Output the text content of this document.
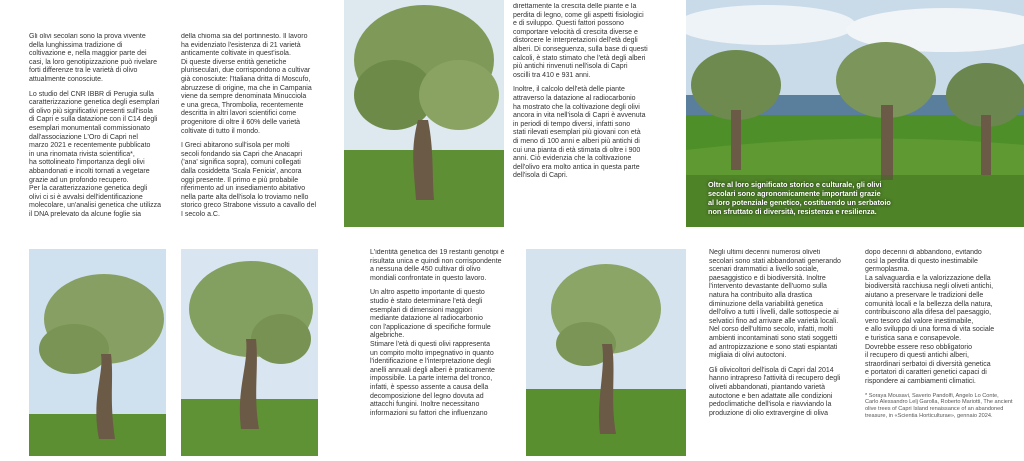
Gli olivi secolari sono la prova vivente
della lunghissima tradizione di
coltivazione e, nella maggior parte dei
casi, la loro genotipizzazione può rivelare
forti differenze tra le varietà di olivo
attualmente conosciute.

Lo studio del CNR IBBR di Perugia sulla
caratterizzazione genetica degli esemplari
di olivo più significativi presenti sull'isola
di Capri e sulla datazione con il C14 degli
esemplari monumentali commissionato
dall'associazione L'Oro di Capri nel
marzo 2021 e recentemente pubblicato
in una rinomata rivista scientifica*,
ha sottolineato l'importanza degli olivi
abbandonati e incolti tornati a vegetare
grazie ad un profondo recupero.
Per la caratterizzazione genetica degli
olivi ci si è avvalsi dell'identificazione
molecolare, un'analisi genetica che utilizza
il DNA prelevato da alcune foglie sia

della chioma sia del portinnesto. Il lavoro
ha evidenziato l'esistenza di 21 varietà
anticamente coltivate in quest'isola.
Di queste diverse entità genetiche
pluriseculari, due corrispondono a cultivar
già conosciute: l'Italiana dritta di Moscufo,
abruzzese di origine, ma che in Campania
viene da sempre denominata Minucciola
e una greca, Thrombolia, recentemente
descritta in altri lavori scientifici come
progenitore di oltre il 60% delle varietà
coltivate di tutto il mondo.

I Greci abitarono sull'isola per molti
secoli fondando sia Capri che Anacapri
('ana' significa sopra), comuni collegati
dalla cosiddetta 'Scala Fenicia', ancora
oggi presente. Il primo e più probabile
riferimento ad un insediamento abitativo
nella parte alta dell'isola lo troviamo nello
storico greco Strabone vissuto a cavallo del
I secolo a.C.

direttamente la crescita delle piante e la
perdita di legno, come gli aspetti fisiologici
e di sviluppo. Questi fattori possono
comportare velocità di crescita diverse e
distorcere le interpretazioni dell'età degli
alberi. Di conseguenza, sulla base di questi
calcoli, è stato stimato che l'età degli alberi
più antichi rinvenuti nell'isola di Capri
oscilli tra 410 e 931 anni.

Inoltre, il calcolo dell'età delle piante
attraverso la datazione al radiocarbonio
ha mostrato che la coltivazione degli olivi
ancora in vita nell'isola di Capri è avvenuta
in periodi di tempo diversi, infatti sono
stati rilevati esemplari più giovani con età
di meno di 100 anni e alberi più antichi di
cui una pianta di età stimata di oltre i 900
anni. Ciò evidenzia che la coltivazione
dell'olivo era molto antica in questa parte
dell'isola di Capri.

Oltre al loro significato storico e culturale, gli olivi
secolari sono agronomicamente importanti grazie
al loro potenziale genetico, costituendo un serbatoio
non sfruttato di diversità, resistenza e resilienza.

L'identità genetica dei 19 restanti genotipi è
risultata unica e quindi non corrispondente
a nessuna delle 450 cultivar di olivo
mondiali confrontate in questo lavoro.

Un altro aspetto importante di questo
studio è stato determinare l'età degli
esemplari di dimensioni maggiori
mediante datazione al radiocarbonio
con l'applicazione di specifiche formule
algebriche.
Stimare l'età di questi olivi rappresenta
un compito molto impegnativo in quanto
l'identificazione e l'interpretazione degli
anelli annuali degli alberi è praticamente
impossibile. La parte interna del tronco,
infatti, è spesso assente a causa della
decomposizione del legno dovuta ad
attacchi fungini. Inoltre necessitano
informazioni su fattori che influenzano

Negli ultimi decenni numerosi oliveti
secolari sono stati abbandonati generando
scenari drammatici a livello sociale,
paesaggistico e di biodiversità. Inoltre
l'intervento devastante dell'uomo sulla
natura ha contribuito alla drastica
diminuzione della variabilità genetica
dell'olivo a tutti i livelli, dalle sottospecie ai
selvatici fino ad arrivare alle varietà locali.
Nel corso dell'ultimo secolo, infatti, molti
ambienti incontaminati sono stati soggetti
ad antropizzazione e sono stati espiantati
migliaia di olivi autoctoni.

Gli olivicoltori dell'isola di Capri dal 2014
hanno intrapreso l'attività di recupero degli
oliveti abbandonati, piantando varietà
autoctone e ben adattate alle condizioni
pedoclimatiche dell'isola e riavviando la
produzione di olio extravergine di oliva

dopo decenni di abbandono, evitando
così la perdita di questo inestimabile
germoplasma.
La salvaguardia e la valorizzazione della
biodiversità racchiusa negli oliveti antichi,
aiutano a preservare le tradizioni delle
comunità locali e la bellezza della natura,
contribuiscono alla difesa del paesaggio,
vero tesoro dal valore inestimabile,
e allo sviluppo di una forma di vita sociale
e turistica sana e consapevole.
Dovrebbe essere reso obbligatorio
il recupero di questi antichi alberi,
straordinari serbatoi di diversità genetica
e portatori di caratteri genetici capaci di
rispondere ai cambiamenti climatici.

* Soraya Mousavi, Saverio Pandolfi, Angelo Lo Conte,
Carlo Alessandro Lelj Garolla, Roberto Mariotti, The ancient
olive trees of Capri Island renaissance of an abandoned
treasure, in «Scientia Horticulturae», gennaio 2024.
